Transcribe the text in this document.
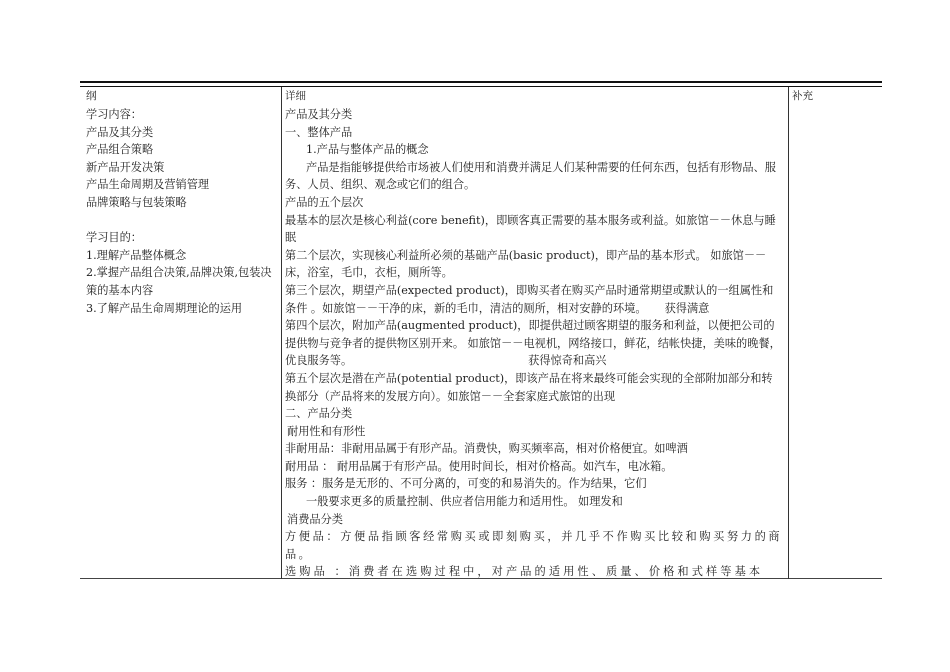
纲
学习内容：
产品及其分类
产品组合策略
新产品开发决策
产品生命周期及营销管理
品牌策略与包装策略
学习目的：
1.理解产品整体概念
2.掌握产品组合决策,品牌决策,包装决策的基本内容
3.了解产品生命周期理论的运用
详细
产品及其分类
一、整体产品
1.产品与整体产品的概念
产品是指能够提供给市场被人们使用和消费并满足人们某种需要的任何东西，包括有形物品、服务、人员、组织、观念或它们的组合。
产品的五个层次
最基本的层次是核心利益(core benefit)，即顾客真正需要的基本服务或利益。如旅馆－－休息与睡眠
第二个层次，实现核心利益所必须的基础产品(basic product)，即产品的基本形式。 如旅馆－－床，浴室，毛巾，衣柜，厕所等。
第三个层次，期望产品(expected product)，即购买者在购买产品时通常期望或默认的一组属性和条件 。如旅馆－－干净的床，新的毛巾，清洁的厕所，相对安静的环境。 获得满意
第四个层次，附加产品(augmented product)，即提供超过顾客期望的服务和利益，以便把公司的提供物与竞争者的提供物区别开来。 如旅馆－－电视机，网络接口，鲜花，结帐快捷，美味的晚餐，优良服务等。	获得惊奇和高兴
第五个层次是潜在产品(potential product)，即该产品在将来最终可能会实现的全部附加部分和转换部分（产品将来的发展方向）。如旅馆－－全套家庭式旅馆的出现
二、产品分类
耐用性和有形性
非耐用品：非耐用品属于有形产品。消费快，购买频率高，相对价格便宜。如啤酒
耐用品 ： 耐用品属于有形产品。使用时间长，相对价格高。如汽车，电冰箱。
服务 ：服务是无形的、不可分离的，可变的和易消失的。作为结果，它们
一般要求更多的质量控制、供应者信用能力和适用性。 如理发和
消费品分类
方便品：方便品指顾客经常购买或即刻购买，并几乎不作购买比较和购买努力的商品。
选购品 ：消费者在选购过程中，对产品的适用性、质量、价格和式样等基本
补充
